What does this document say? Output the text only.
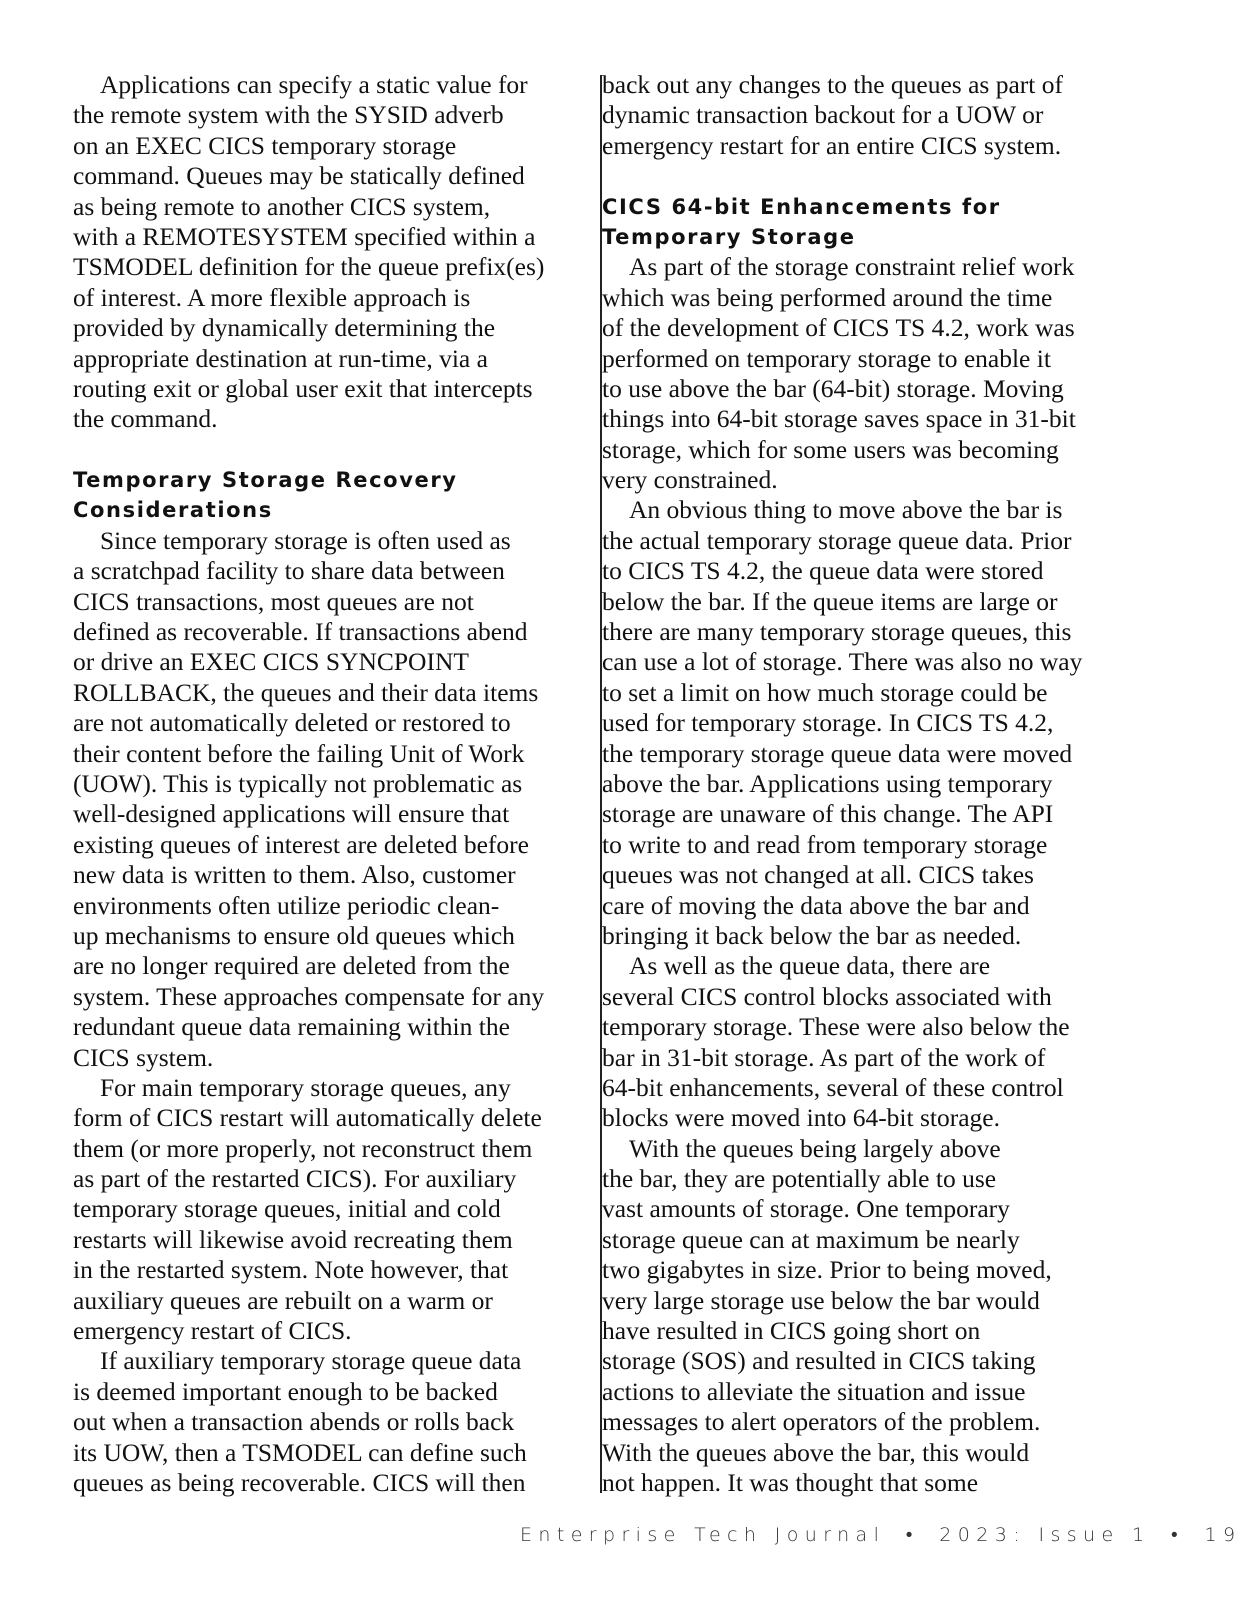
Applications can specify a static value for
the remote system with the SYSID adverb
on an EXEC CICS temporary storage
command. Queues may be statically defined
as being remote to another CICS system,
with a REMOTESYSTEM specified within a
TSMODEL definition for the queue prefix(es)
of interest. A more flexible approach is
provided by dynamically determining the
appropriate destination at run-time, via a
routing exit or global user exit that intercepts
the command.
Temporary Storage Recovery
Considerations
Since temporary storage is often used as
a scratchpad facility to share data between
CICS transactions, most queues are not
defined as recoverable. If transactions abend
or drive an EXEC CICS SYNCPOINT
ROLLBACK, the queues and their data items
are not automatically deleted or restored to
their content before the failing Unit of Work
(UOW). This is typically not problematic as
well-designed applications will ensure that
existing queues of interest are deleted before
new data is written to them. Also, customer
environments often utilize periodic clean-
up mechanisms to ensure old queues which
are no longer required are deleted from the
system. These approaches compensate for any
redundant queue data remaining within the
CICS system.
For main temporary storage queues, any
form of CICS restart will automatically delete
them (or more properly, not reconstruct them
as part of the restarted CICS). For auxiliary
temporary storage queues, initial and cold
restarts will likewise avoid recreating them
in the restarted system. Note however, that
auxiliary queues are rebuilt on a warm or
emergency restart of CICS.
If auxiliary temporary storage queue data
is deemed important enough to be backed
out when a transaction abends or rolls back
its UOW, then a TSMODEL can define such
queues as being recoverable. CICS will then
back out any changes to the queues as part of
dynamic transaction backout for a UOW or
emergency restart for an entire CICS system.
CICS 64-bit Enhancements for
Temporary Storage
As part of the storage constraint relief work
which was being performed around the time
of the development of CICS TS 4.2, work was
performed on temporary storage to enable it
to use above the bar (64-bit) storage. Moving
things into 64-bit storage saves space in 31-bit
storage, which for some users was becoming
very constrained.
An obvious thing to move above the bar is
the actual temporary storage queue data. Prior
to CICS TS 4.2, the queue data were stored
below the bar. If the queue items are large or
there are many temporary storage queues, this
can use a lot of storage. There was also no way
to set a limit on how much storage could be
used for temporary storage. In CICS TS 4.2,
the temporary storage queue data were moved
above the bar. Applications using temporary
storage are unaware of this change. The API
to write to and read from temporary storage
queues was not changed at all. CICS takes
care of moving the data above the bar and
bringing it back below the bar as needed.
As well as the queue data, there are
several CICS control blocks associated with
temporary storage. These were also below the
bar in 31-bit storage. As part of the work of
64-bit enhancements, several of these control
blocks were moved into 64-bit storage.
With the queues being largely above
the bar, they are potentially able to use
vast amounts of storage. One temporary
storage queue can at maximum be nearly
two gigabytes in size. Prior to being moved,
very large storage use below the bar would
have resulted in CICS going short on
storage (SOS) and resulted in CICS taking
actions to alleviate the situation and issue
messages to alert operators of the problem.
With the queues above the bar, this would
not happen. It was thought that some
Enterprise Tech Journal • 2023: Issue 1 • 19
